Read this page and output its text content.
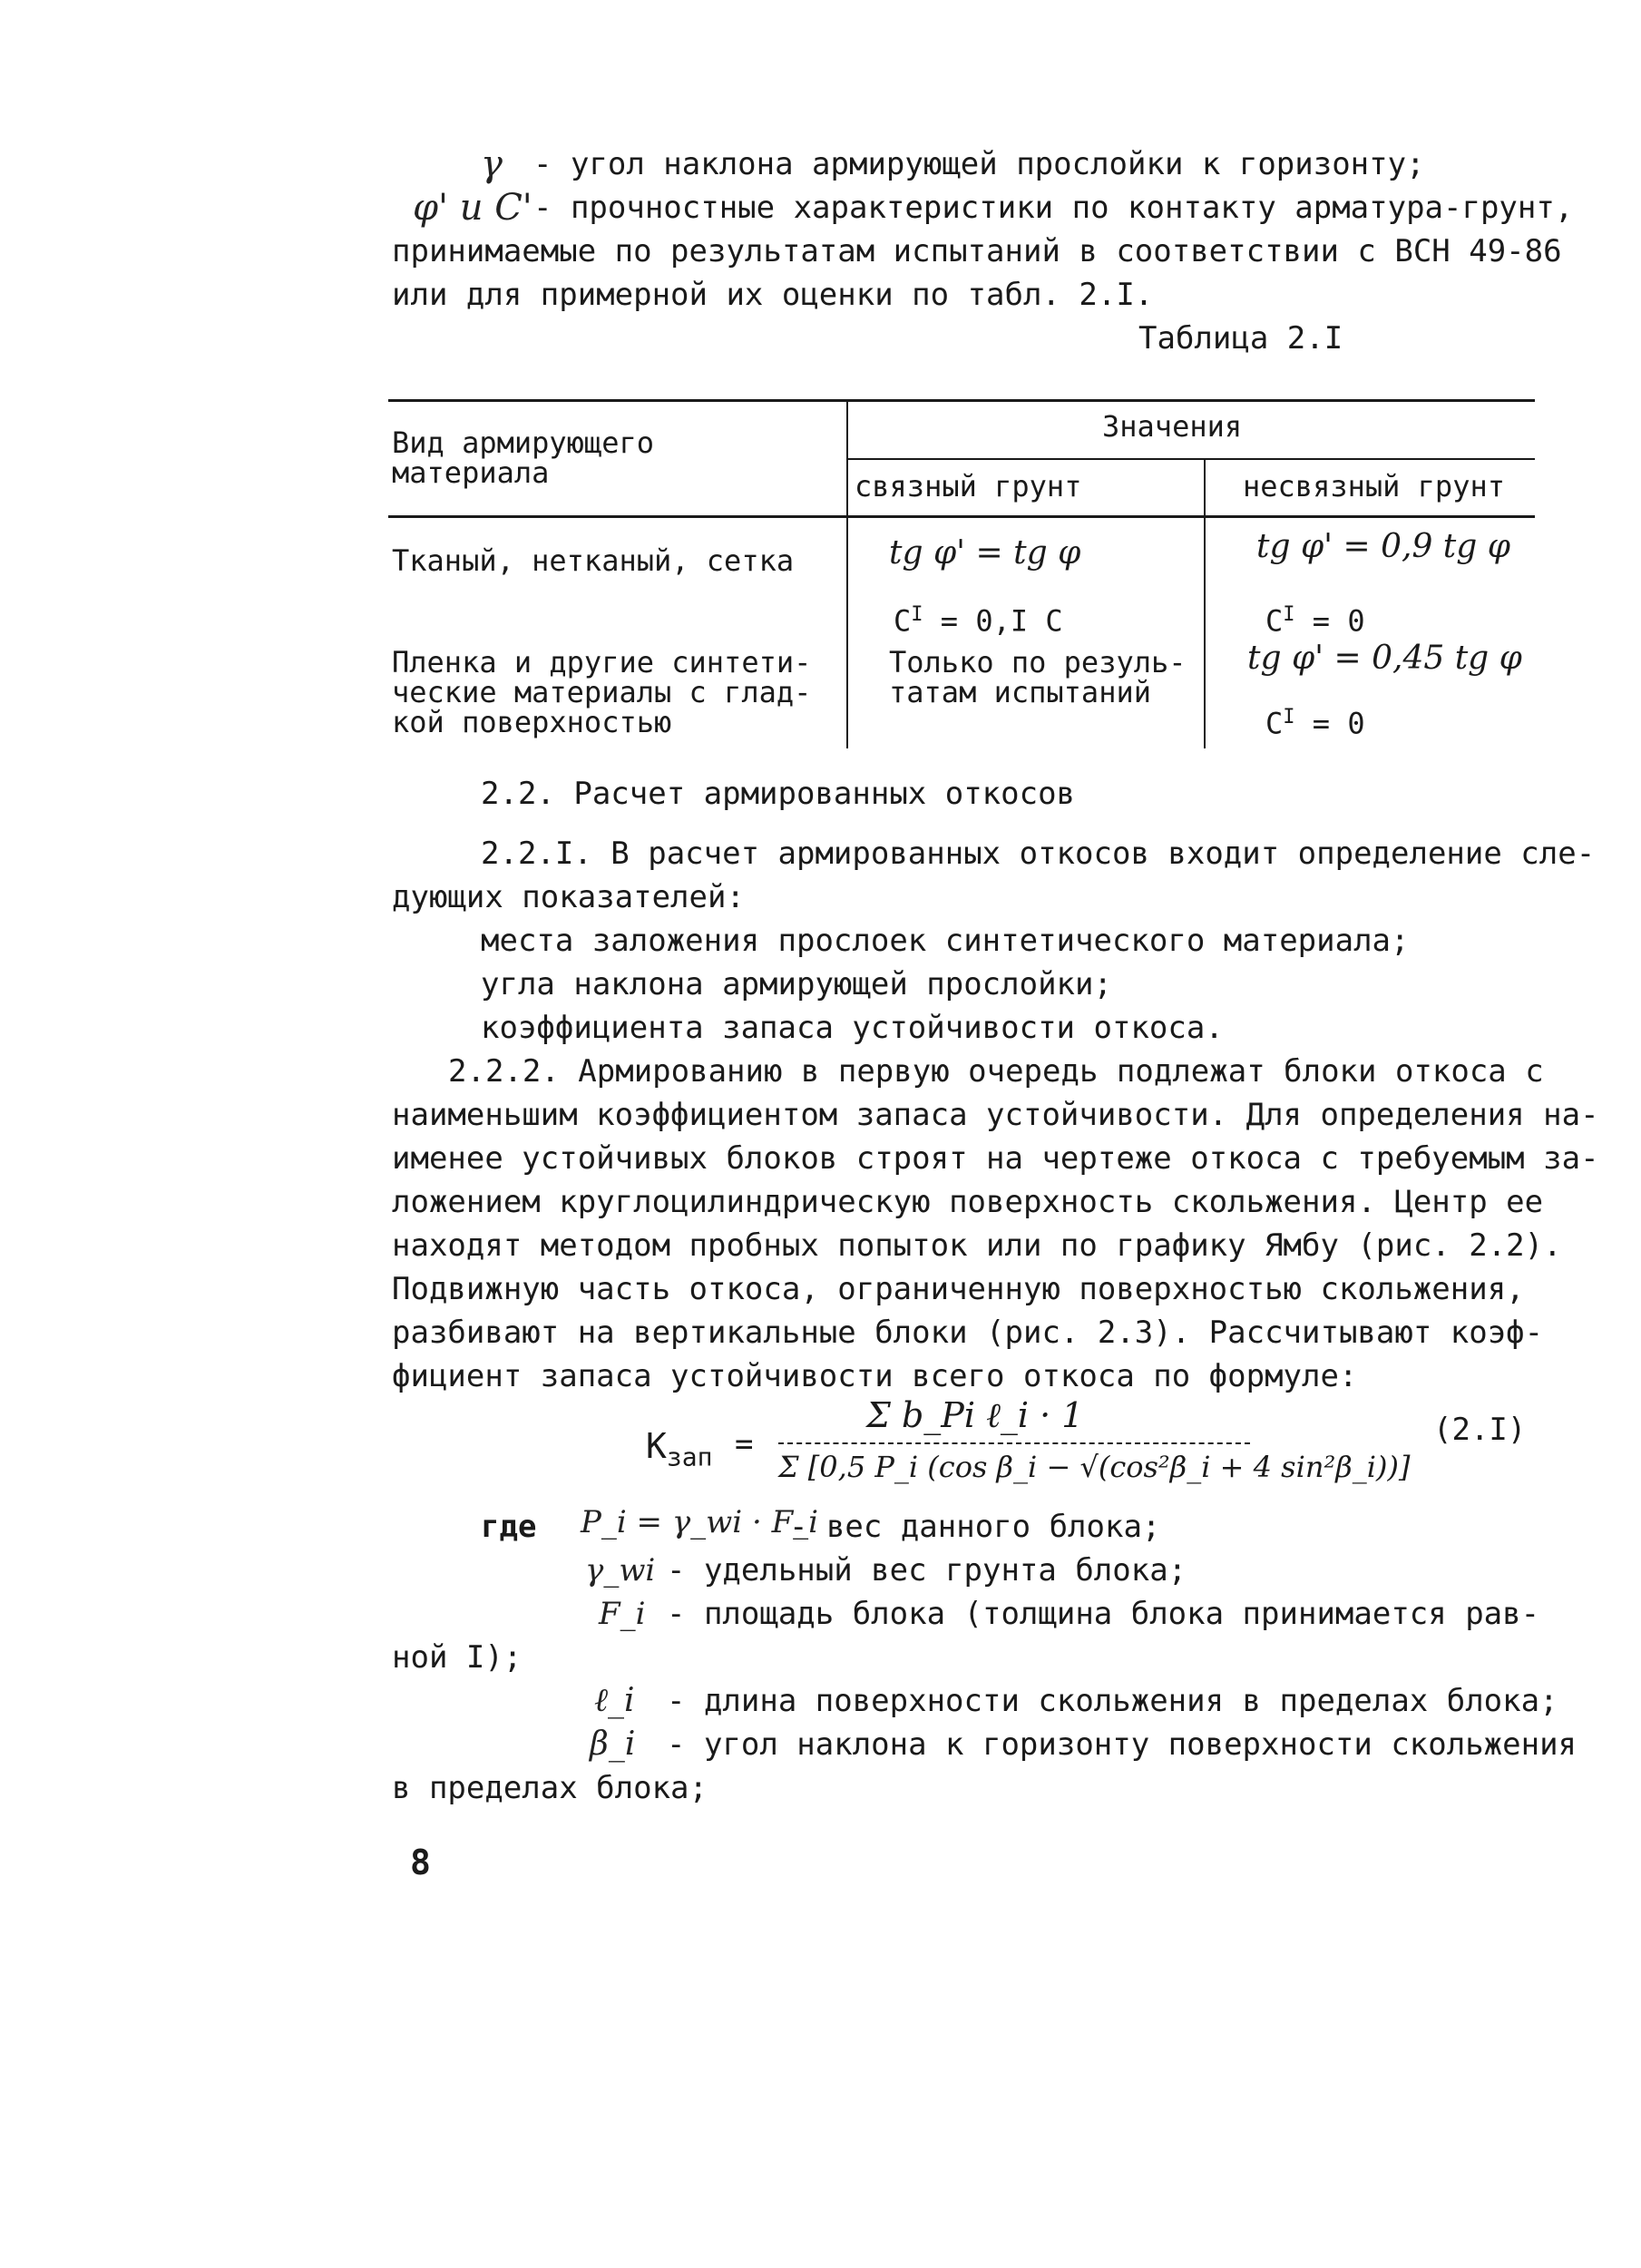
γ - угол наклона армирующей прослойки к горизонту;
φ' и C' - прочностные характеристики по контакту арматура-грунт,
принимаемые по результатам испытаний в соответствии с ВСН 49-86
или для примерной их оценки по табл. 2.I.
Таблица 2.I
Вид армирующего
материала
Значения
связный грунт	несвязный грунт
Тканый, нетканый, сетка	tg φ' = tg φ
$C^I = 0,I$ C
tg φ' = 0,9 tg φ
$C^I = 0$
Пленка и другие синтети-
ческие материалы с глад-
кой поверхностью
Только по резуль-
татам испытаний
tg φ' = 0,45 tg φ
$C^I = 0$
2.2. Расчет армированных откосов
2.2.I. В расчет армированных откосов входит определение сле-
дующих показателей:
места заложения прослоек синтетического материала;
угла наклона армирующей прослойки;
коэффициента запаса устойчивости откоса.
2.2.2. Армированию в первую очередь подлежат блоки откоса с
наименьшим коэффициентом запаса устойчивости. Для определения на-
именее устойчивых блоков строят на чертеже откоса с требуемым за-
ложением круглоцилиндрическую поверхность скольжения. Центр ее
находят методом пробных попыток или по графику Ямбу (рис. 2.2).
Подвижную часть откоса, ограниченную поверхностью скольжения,
разбивают на вертикальные блоки (рис. 2.3). Рассчитывают коэф-
фициент запаса устойчивости всего откоса по формуле:
$K_{зап}$ =
Σ b_Pi ℓ_i · 1
Σ [0,5 P_i (cos β_i − √(cos²β_i + 4 sin²β_i))]
(2.I)
где P_i = γ_wi · F_i
- вес данного блока;
γ_wi - удельный вес грунта блока;
F_i - площадь блока (толщина блока принимается рав-
ной I);
ℓ_i - длина поверхности скольжения в пределах блока;
β_i - угол наклона к горизонту поверхности скольжения
в пределах блока;
8
